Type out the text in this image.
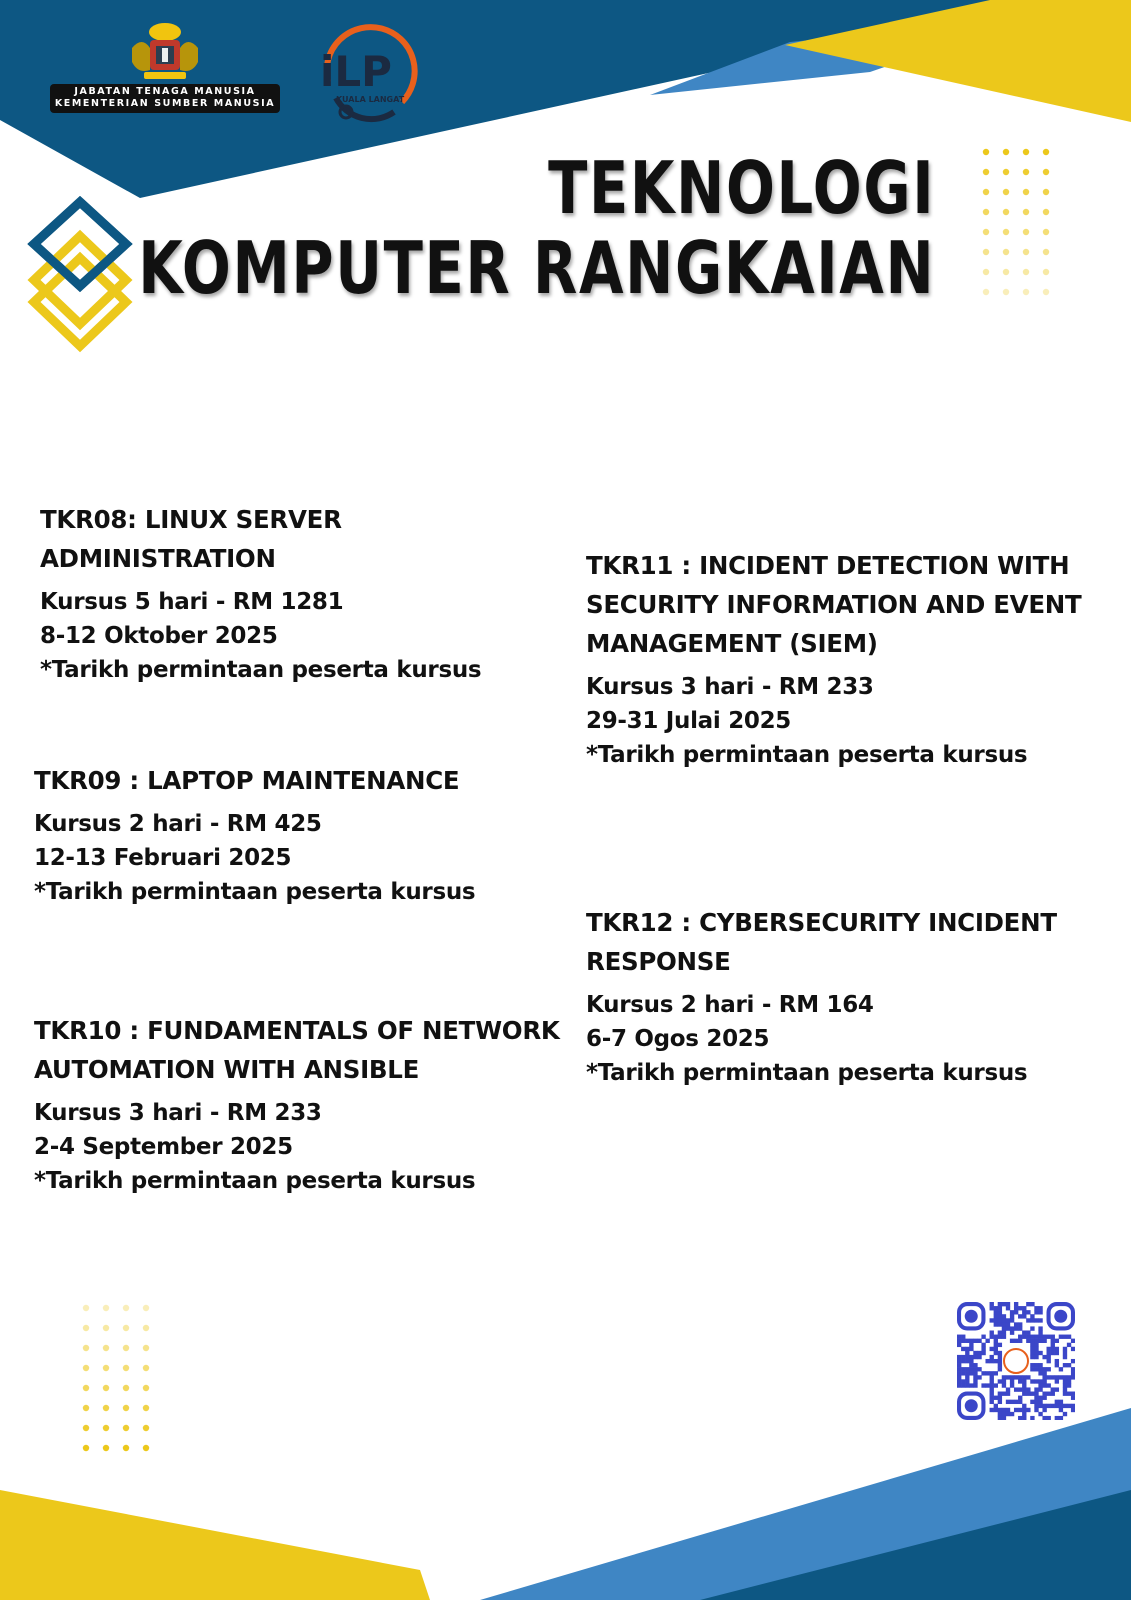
JABATAN TENAGA MANUSIA
KEMENTERIAN SUMBER MANUSIA
iLP
KUALA LANGAT
TEKNOLOGI
KOMPUTER RANGKAIAN
TKR08: LINUX SERVER
ADMINISTRATION
Kursus 5 hari - RM 1281
8-12 Oktober 2025
*Tarikh permintaan peserta kursus
TKR09 : LAPTOP MAINTENANCE
Kursus 2 hari - RM 425
12-13 Februari 2025
*Tarikh permintaan peserta kursus
TKR10 : FUNDAMENTALS OF NETWORK
AUTOMATION WITH ANSIBLE
Kursus 3 hari - RM 233
2-4 September 2025
*Tarikh permintaan peserta kursus
TKR11 : INCIDENT DETECTION WITH
SECURITY INFORMATION AND EVENT
MANAGEMENT (SIEM)
Kursus 3 hari - RM 233
29-31 Julai 2025
*Tarikh permintaan peserta kursus
TKR12 : CYBERSECURITY INCIDENT
RESPONSE
Kursus 2 hari - RM 164
6-7 Ogos 2025
*Tarikh permintaan peserta kursus
